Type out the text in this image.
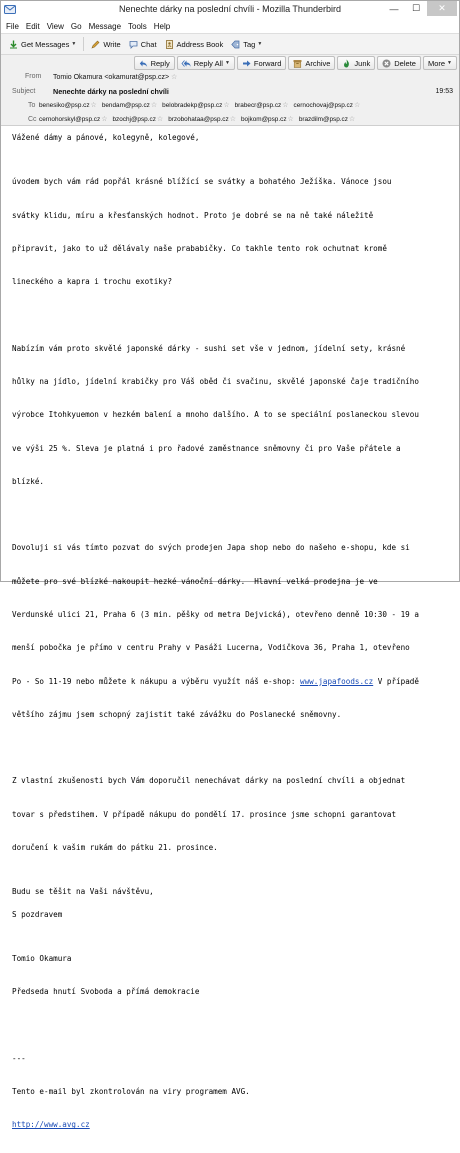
Nenechte dárky na poslední chvíli - Mozilla Thunderbird	—	☐	✕
File Edit View Go Message Tools Help
Get Messages ▼	Write	Chat	Address Book	Tag ▼
Reply	Reply All ▼	Forward	Archive	Junk	Delete More ▼
From Tomio Okamura <okamurat@psp.cz> ☆
Subject Nenechte dárky na poslední chvíli	19:53
To benesiko@psp.cz ☆ bendam@psp.cz ☆ belobradekp@psp.cz ☆ brabecr@psp.cz ☆ cernochovaj@psp.cz ☆
Cc cernohorskyl@psp.cz ☆ bzochj@psp.cz ☆ brzobohataa@psp.cz ☆ bojkom@psp.cz ☆ brazdilm@psp.cz ☆
Vážené dámy a pánové, kolegyně, kolegové,

úvodem bych vám rád popřál krásné blížící se svátky a bohatého Ježíška. Vánoce jsou

svátky klidu, míru a křesťanských hodnot. Proto je dobré se na ně také náležitě

připravit, jako to už dělávaly naše prababičky. Co takhle tento rok ochutnat kromě

lineckého a kapra i trochu exotiky?

Nabízím vám proto skvělé japonské dárky - sushi set vše v jednom, jídelní sety, krásné

hůlky na jídlo, jídelní krabičky pro Váš oběd či svačinu, skvělé japonské čaje tradičního

výrobce Itohkyuemon v hezkém balení a mnoho dalšího. A to se speciální poslaneckou slevou

ve výši 25 %. Sleva je platná i pro řadové zaměstnance sněmovny či pro Vaše přátele a

blízké.

Dovoluji si vás tímto pozvat do svých prodejen Japa shop nebo do našeho e-shopu, kde si

můžete pro své blízké nakoupit hezké vánoční dárky.  Hlavní velká prodejna je ve

Verdunské ulici 21, Praha 6 (3 min. pěšky od metra Dejvická), otevřeno denně 10:30 - 19 a

menší pobočka je přímo v centru Prahy v Pasáži Lucerna, Vodičkova 36, Praha 1, otevřeno

Po - So 11-19 nebo můžete k nákupu a výběru využít náš e-shop: www.japafoods.cz V případě

většího zájmu jsem schopný zajistit také závážku do Poslanecké sněmovny.

Z vlastní zkušenosti bych Vám doporučil nenechávat dárky na poslední chvíli a objednat

tovar s předstihem. V případě nákupu do pondělí 17. prosince jsme schopni garantovat

doručení k vašim rukám do pátku 21. prosince.

Budu se těšit na Vaši návštěvu,
S pozdravem

Tomio Okamura

Předseda hnutí Svoboda a přímá demokracie

---

Tento e-mail byl zkontrolován na viry programem AVG.

http://www.avg.cz
